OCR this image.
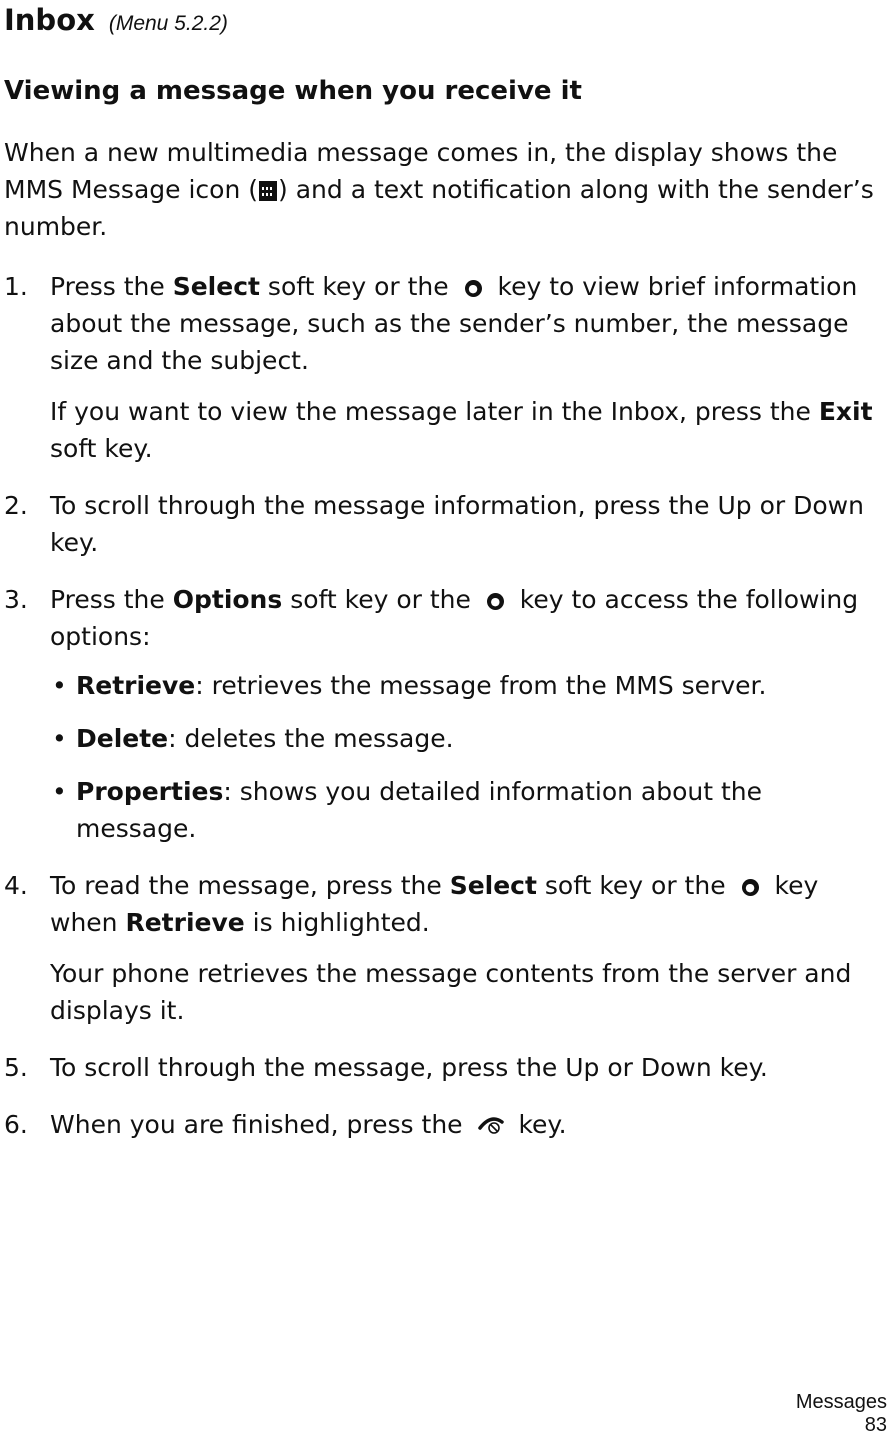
Inbox (Menu 5.2.2)
Viewing a message when you receive it
When a new multimedia message comes in, the display shows the MMS Message icon ( ) and a text notification along with the sender’s number.
1. Press the Select soft key or the ● key to view brief information about the message, such as the sender’s number, the message size and the subject.
If you want to view the message later in the Inbox, press the Exit soft key.
2. To scroll through the message information, press the Up or Down key.
3. Press the Options soft key or the ● key to access the following options:
• Retrieve: retrieves the message from the MMS server.
• Delete: deletes the message.
• Properties: shows you detailed information about the message.
4. To read the message, press the Select soft key or the ● key when Retrieve is highlighted.
Your phone retrieves the message contents from the server and displays it.
5. To scroll through the message, press the Up or Down key.
6. When you are finished, press the  key.
Messages
83
